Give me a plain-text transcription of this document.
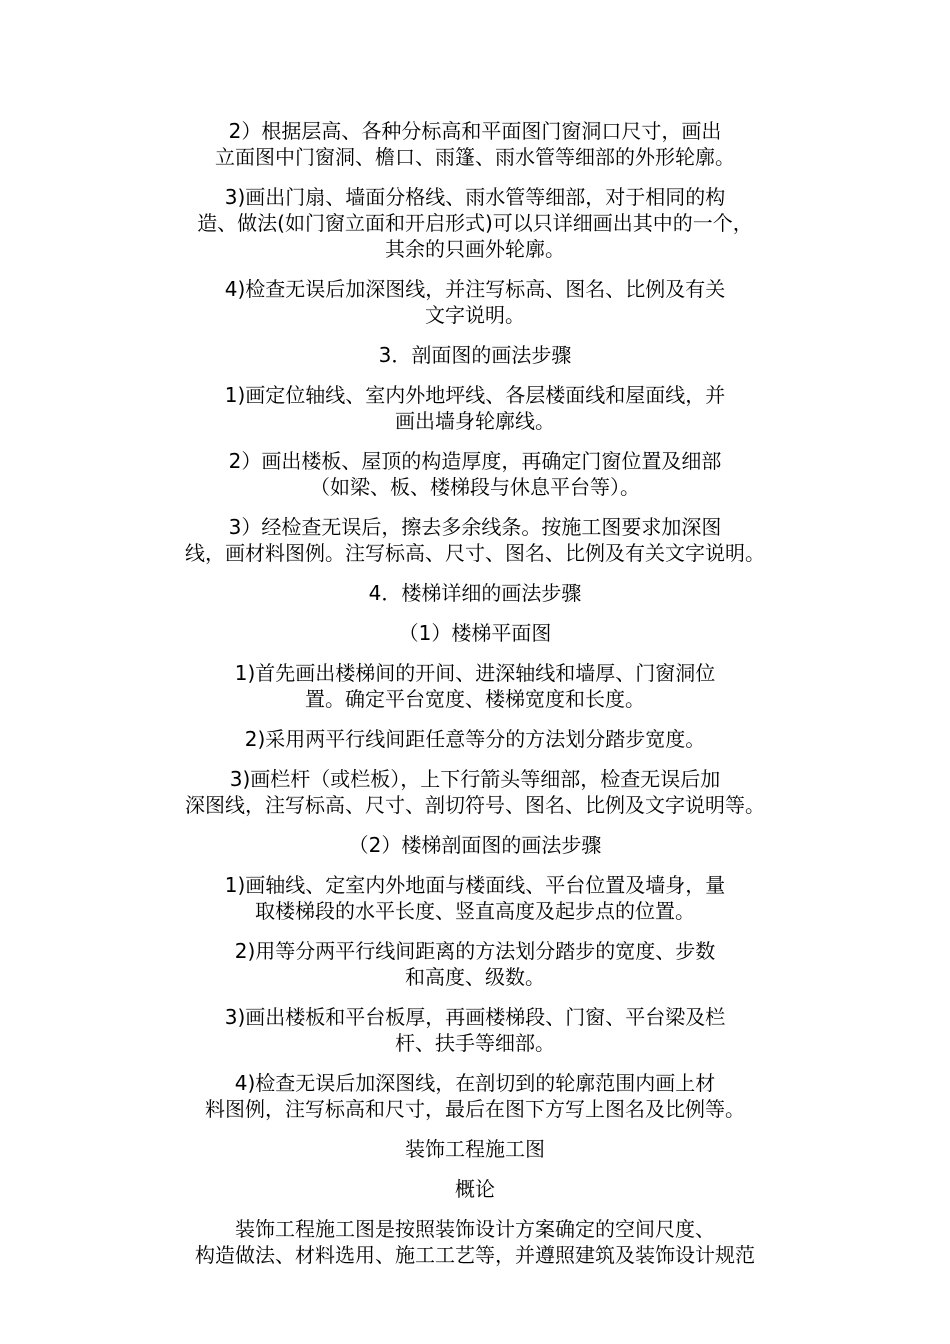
2）根据层高、各种分标高和平面图门窗洞口尺寸，画出
立面图中门窗洞、檐口、雨篷、雨水管等细部的外形轮廓。
3)画出门扇、墙面分格线、雨水管等细部，对于相同的构
造、做法(如门窗立面和开启形式)可以只详细画出其中的一个，
其余的只画外轮廓。
4)检查无误后加深图线，并注写标高、图名、比例及有关
文字说明。
3．剖面图的画法步骤
1)画定位轴线、室内外地坪线、各层楼面线和屋面线，并
画出墙身轮廓线。
2）画出楼板、屋顶的构造厚度，再确定门窗位置及细部
（如梁、板、楼梯段与休息平台等）。
3）经检查无误后，擦去多余线条。按施工图要求加深图
线，画材料图例。注写标高、尺寸、图名、比例及有关文字说明。
4．楼梯详细的画法步骤
（1）楼梯平面图
1)首先画出楼梯间的开间、进深轴线和墙厚、门窗洞位
置。确定平台宽度、楼梯宽度和长度。
2)采用两平行线间距任意等分的方法划分踏步宽度。
3)画栏杆（或栏板），上下行箭头等细部，检查无误后加
深图线，注写标高、尺寸、剖切符号、图名、比例及文字说明等。
（2）楼梯剖面图的画法步骤
1)画轴线、定室内外地面与楼面线、平台位置及墙身，量
取楼梯段的水平长度、竖直高度及起步点的位置。
2)用等分两平行线间距离的方法划分踏步的宽度、步数
和高度、级数。
3)画出楼板和平台板厚，再画楼梯段、门窗、平台梁及栏
杆、扶手等细部。
4)检查无误后加深图线，在剖切到的轮廓范围内画上材
料图例，注写标高和尺寸，最后在图下方写上图名及比例等。
装饰工程施工图
概论
装饰工程施工图是按照装饰设计方案确定的空间尺度、
构造做法、材料选用、施工工艺等，并遵照建筑及装饰设计规范
